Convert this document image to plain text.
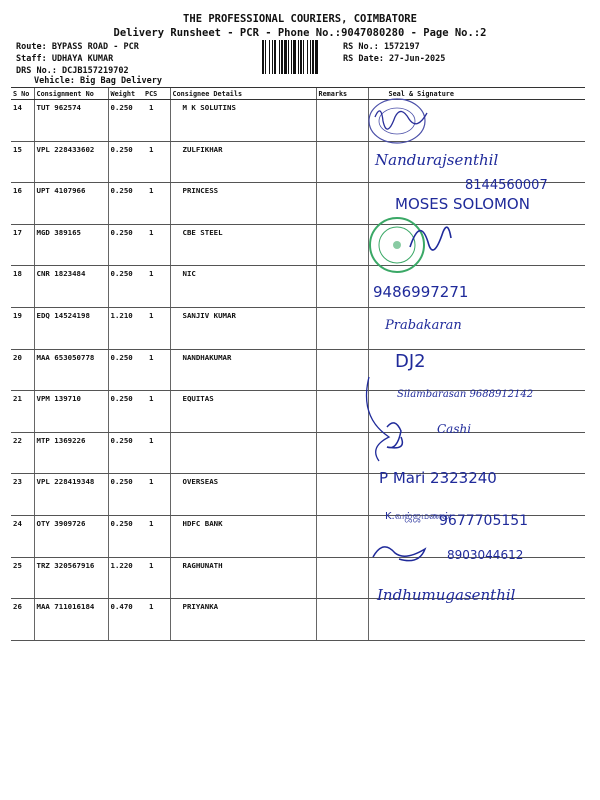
THE PROFESSIONAL COURIERS, COIMBATORE
Delivery Runsheet - PCR - Phone No.:9047080280 - Page No.:2
Route: BYPASS ROAD - PCR
Staff: UDHAYA KUMAR
DRS No.: DCJB157219702
Vehicle: Big Bag Delivery
RS No.: 1572197
RS Date: 27-Jun-2025
S No	Consignment No	Weight	PCS	Consignee Details	Remarks	Seal & Signature
14	TUT 962574	0.250	1	M K SOLUTINS		
15	VPL 228433602	0.250	1	ZULFIKHAR		
16	UPT 4107966	0.250	1	PRINCESS		
17	MGD 389165	0.250	1	CBE STEEL		
18	CNR 1823484	0.250	1	NIC		
19	EDQ 14524198	1.210	1	SANJIV KUMAR		
20	MAA 653050778	0.250	1	NANDHAKUMAR		
21	VPM 139710	0.250	1	EQUITAS		
22	MTP 1369226	0.250	1			
23	VPL 228419348	0.250	1	OVERSEAS		
24	OTY 3909726	0.250	1	HDFC BANK		
25	TRZ 320567916	1.220	1	RAGHUNATH		
26	MAA 711016184	0.470	1	PRIYANKA		
Nandurajsenthil
8144560007
MOSES SOLOMON
9486997271
Prabakaran
DJ2
Silambarasan 9688912142
Cashi
P Mari 2323240
K.வஜ்ஜமணன்
9677705151
8903044612
Indhumugasenthil
